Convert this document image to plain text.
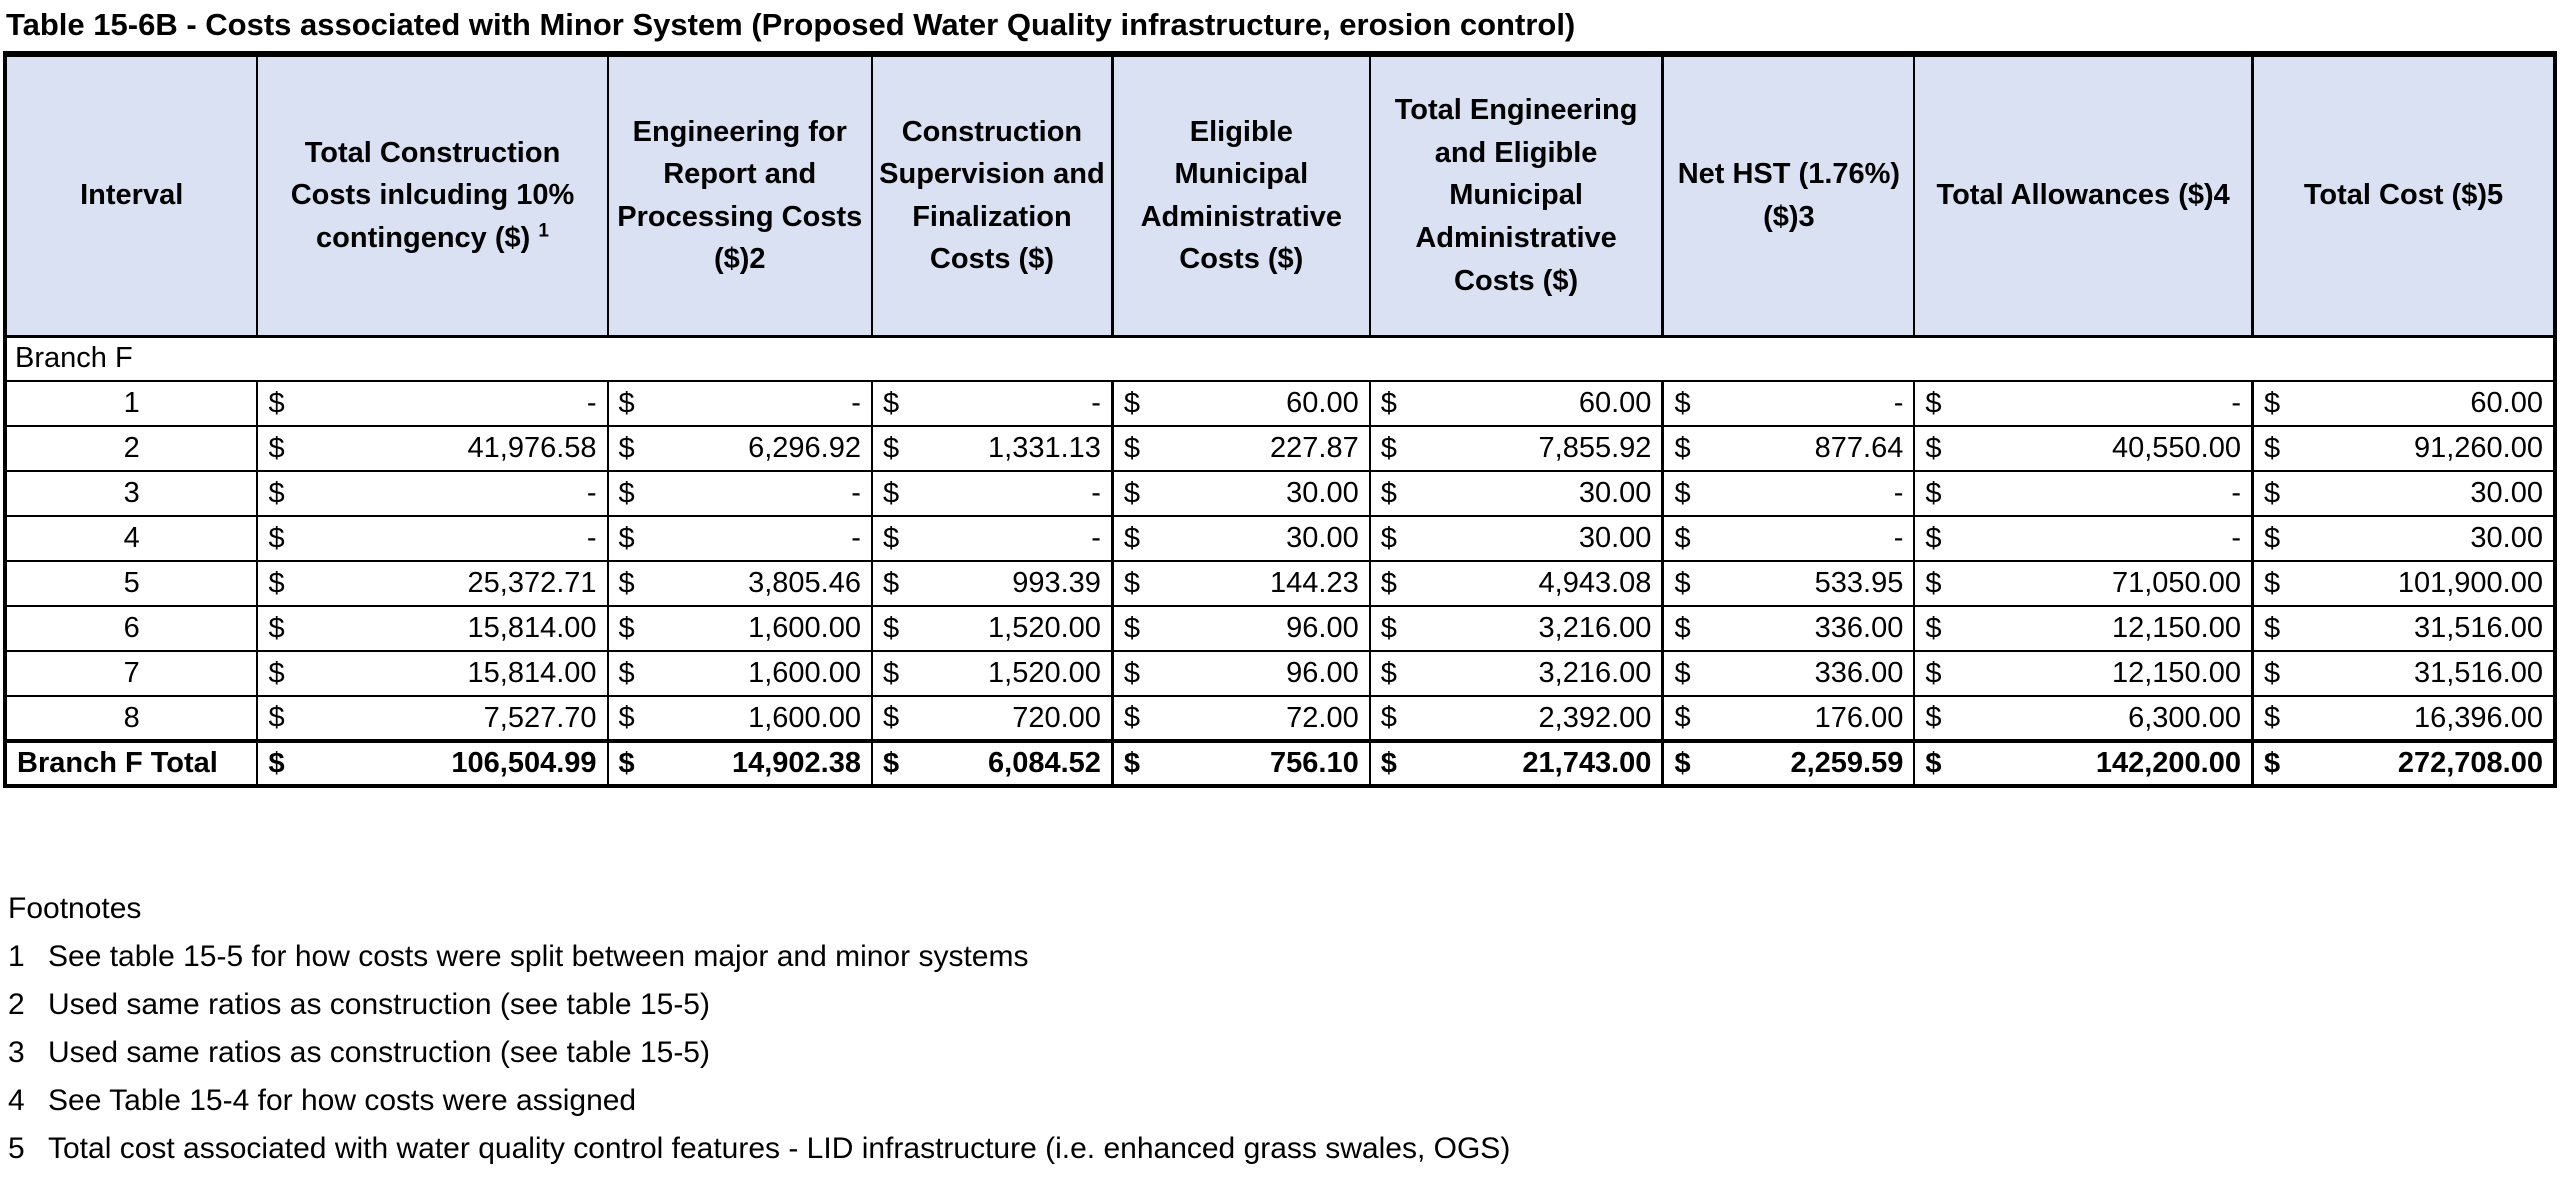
Table 15-6B - Costs associated with Minor System (Proposed Water Quality infrastructure, erosion control)
Interval	Total Construction Costs inlcuding 10% contingency ($) $^1$	Engineering for Report and Processing Costs ($)2	Construction Supervision and Finalization Costs ($)	Eligible Municipal Administrative Costs ($)	Total Engineering and Eligible Municipal Administrative Costs ($)	Net HST (1.76%) ($)3	Total Allowances ($)4	Total Cost ($)5
Branch F								
1	$ -	$ -	$ -	$ 60.00	$ 60.00	$ -	$ -	$ 60.00
2	$ 41,976.58	$ 6,296.92	$ 1,331.13	$ 227.87	$ 7,855.92	$ 877.64	$ 40,550.00	$ 91,260.00
3	$ -	$ -	$ -	$ 30.00	$ 30.00	$ -	$ -	$ 30.00
4	$ -	$ -	$ -	$ 30.00	$ 30.00	$ -	$ -	$ 30.00
5	$ 25,372.71	$ 3,805.46	$ 993.39	$ 144.23	$ 4,943.08	$ 533.95	$ 71,050.00	$ 101,900.00
6	$ 15,814.00	$ 1,600.00	$ 1,520.00	$ 96.00	$ 3,216.00	$ 336.00	$ 12,150.00	$ 31,516.00
7	$ 15,814.00	$ 1,600.00	$ 1,520.00	$ 96.00	$ 3,216.00	$ 336.00	$ 12,150.00	$ 31,516.00
8	$ 7,527.70	$ 1,600.00	$ 720.00	$ 72.00	$ 2,392.00	$ 176.00	$ 6,300.00	$ 16,396.00
Branch F Total	$ 106,504.99	$ 14,902.38	$ 6,084.52	$ 756.10	$ 21,743.00	$ 2,259.59	$ 142,200.00	$ 272,708.00
Footnotes
1 See table 15-5 for how costs were split between major and minor systems
2 Used same ratios as construction (see table 15-5)
3 Used same ratios as construction (see table 15-5)
4 See Table 15-4 for how costs were assigned
5 Total cost associated with water quality control features - LID infrastructure (i.e. enhanced grass swales, OGS)
